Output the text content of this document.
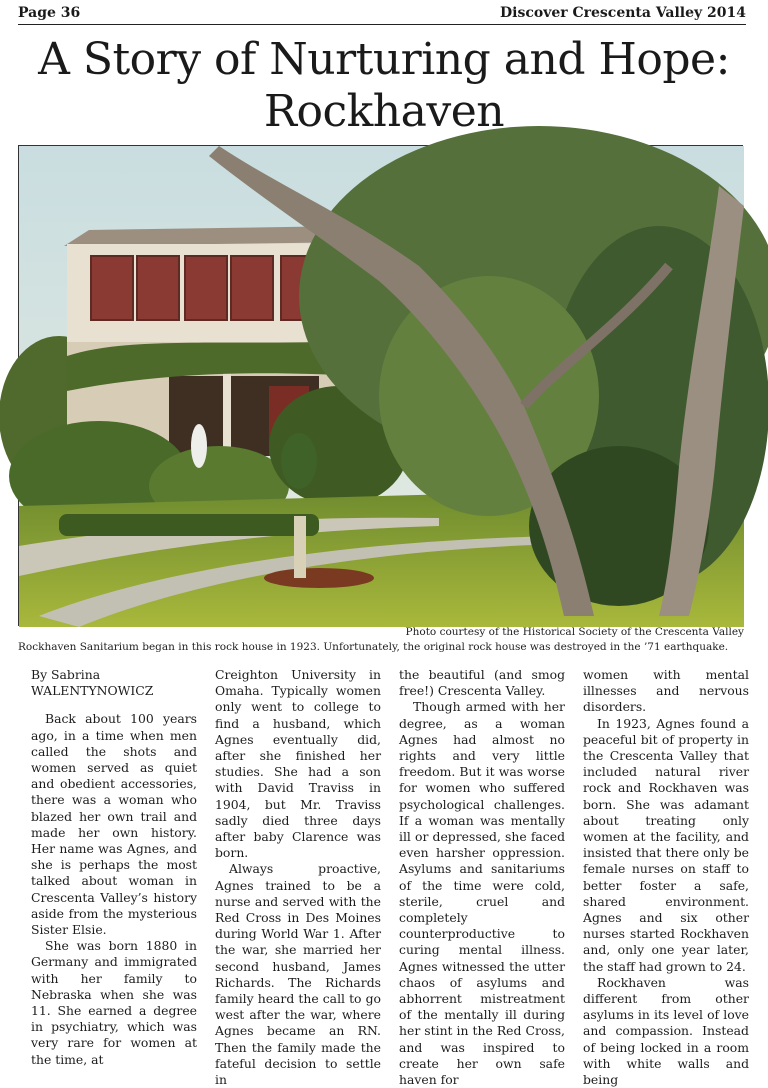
Page 36	Discover Crescenta Valley 2014
A Story of Nurturing and Hope:
Rockhaven
Photo courtesy of the Historical Society of the Crescenta Valley
Rockhaven Sanitarium began in this rock house in 1923. Unfortunately, the original rock house was destroyed in the ’71 earthquake.

By Sabrina

WALENTYNOWICZ

Back about 100 years ago, in a time when men called the shots and women served as quiet and obedient accessories, there was a woman who blazed her own trail and made her own history. Her name was Agnes, and she is perhaps the most talked about woman in Crescenta Valley’s history aside from the mysterious Sister Elsie.

She was born 1880 in Germany and immigrated with her family to Nebraska when she was 11. She earned a degree in psychiatry, which was very rare for women at the time, at

Creighton University in Omaha. Typically women only went to college to find a husband, which Agnes eventually did, after she finished her studies. She had a son with David Traviss in 1904, but Mr. Traviss sadly died three days after baby Clarence was born.

Always proactive, Agnes trained to be a nurse and served with the Red Cross in Des Moines during World War 1. After the war, she married her second husband, James Richards. The Richards family heard the call to go west after the war, where Agnes became an RN. Then the family made the fateful decision to settle in

the beautiful (and smog free!) Crescenta Valley.

Though armed with her degree, as a woman Agnes had almost no rights and very little freedom. But it was worse for women who suffered psychological challenges. If a woman was mentally ill or depressed, she faced even harsher oppression. Asylums and sanitariums of the time were cold, sterile, cruel and completely counterproductive to curing mental illness. Agnes witnessed the utter chaos of asylums and abhorrent mistreatment of the mentally ill during her stint in the Red Cross, and was inspired to create her own safe haven for

women with mental illnesses and nervous disorders.

In 1923, Agnes found a peaceful bit of property in the Crescenta Valley that included natural river rock and Rockhaven was born. She was adamant about treating only women at the facility, and insisted that there only be female nurses on staff to better foster a safe, shared environment. Agnes and six other nurses started Rockhaven and, only one year later, the staff had grown to 24.

Rockhaven was different from other asylums in its level of love and compassion. Instead of being locked in a room with white walls and being
